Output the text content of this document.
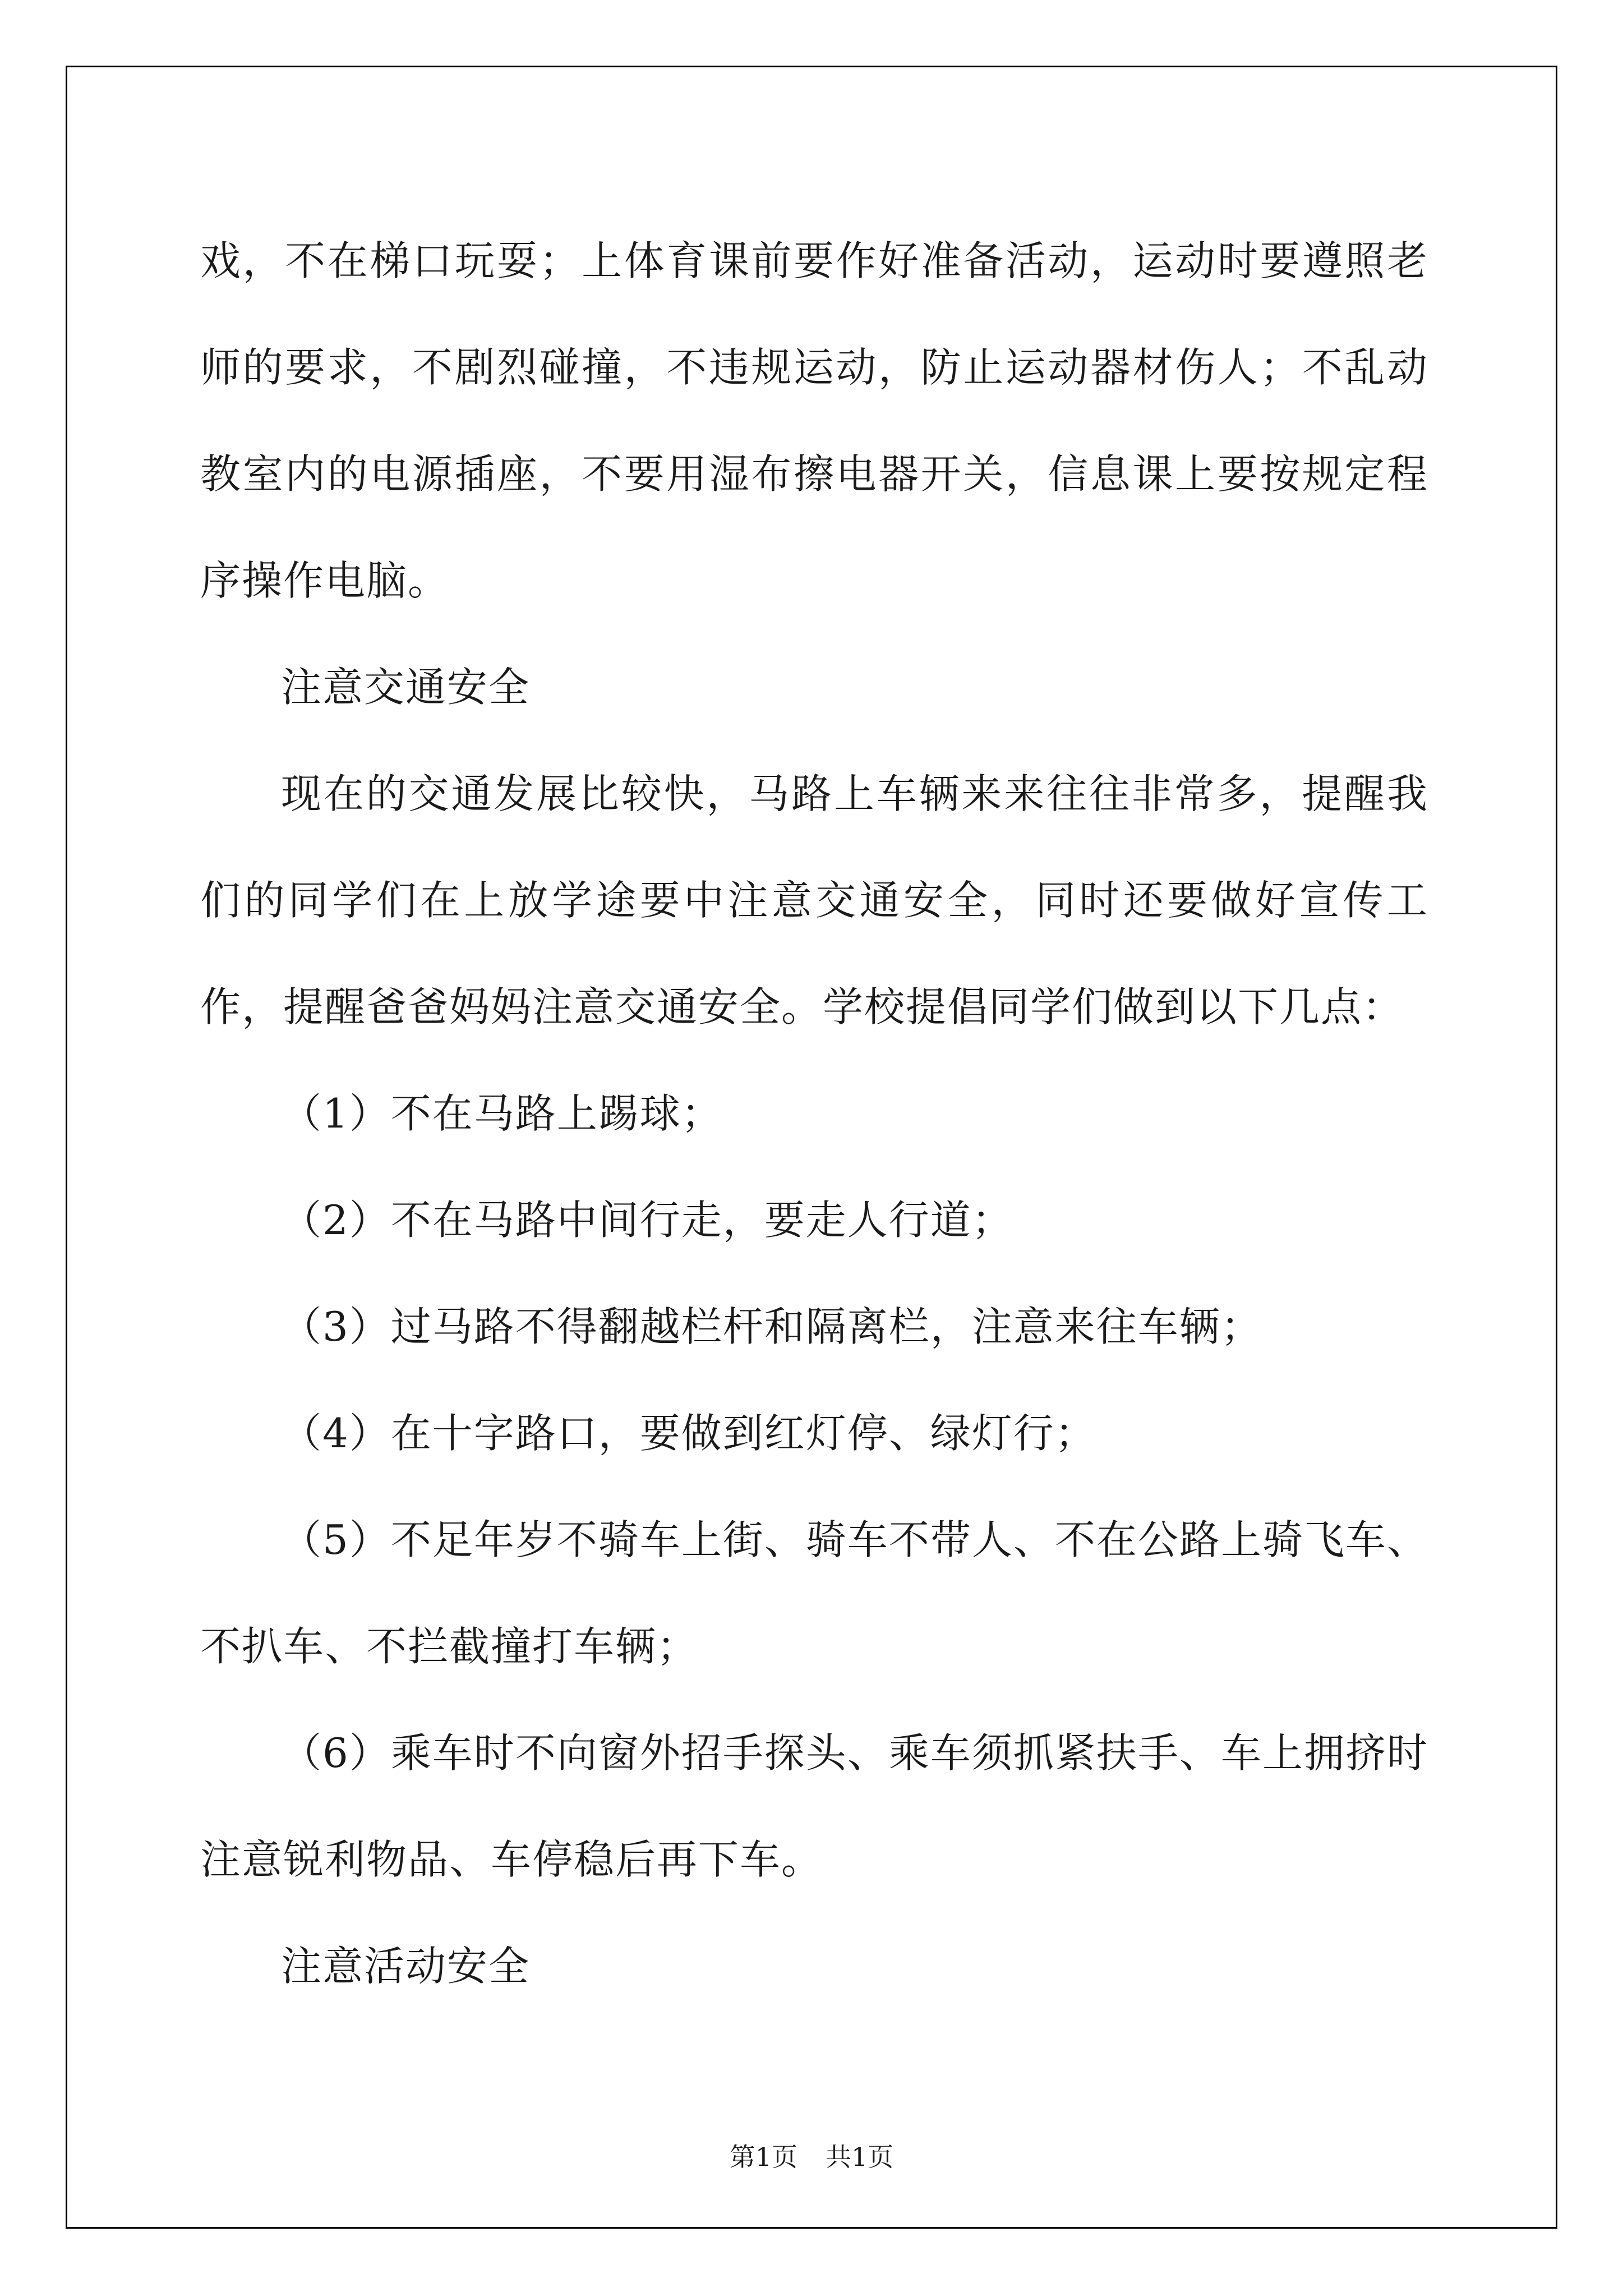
戏，不在梯口玩耍；上体育课前要作好准备活动，运动时要遵照老师的要求，不剧烈碰撞，不违规运动，防止运动器材伤人；不乱动教室内的电源插座，不要用湿布擦电器开关，信息课上要按规定程序操作电脑。

注意交通安全

现在的交通发展比较快，马路上车辆来来往往非常多，提醒我们的同学们在上放学途要中注意交通安全，同时还要做好宣传工作，提醒爸爸妈妈注意交通安全。学校提倡同学们做到以下几点：

（1）不在马路上踢球；

（2）不在马路中间行走，要走人行道；

（3）过马路不得翻越栏杆和隔离栏，注意来往车辆；

（4）在十字路口，要做到红灯停、绿灯行；

（5）不足年岁不骑车上街、骑车不带人、不在公路上骑飞车、不扒车、不拦截撞打车辆；

（6）乘车时不向窗外招手探头、乘车须抓紧扶手、车上拥挤时注意锐利物品、车停稳后再下车。

注意活动安全

第1页 共1页
